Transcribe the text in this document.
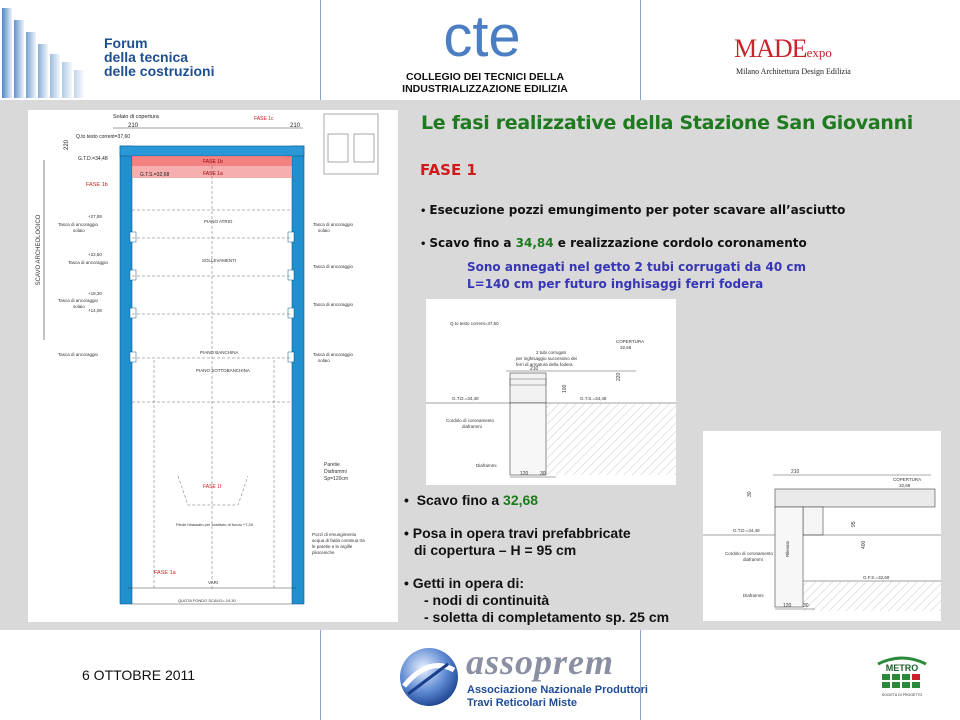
Forum
della tecnica
delle costruzioni
cte
COLLEGIO DEI TECNICI DELLA
INDUSTRIALIZZAZIONE EDILIZIA
MADEexpo
Milano Architettura Design Edilizia
SCAVO ARCHEOLOGICO
210	210
Solaio di copertura	FASE 1c
Q.to testo corrent=37,60
220
FASE 1b
FASE 1a
FASE 1b
G.T.D.=34,48
G.T.S.=32,68
PIANO ATRIO
SOLLEVAMENTI
PIANO BANCHINA
PIANO SOTTOBANCHINA
Tasca di ancoraggio
Tasca di ancoraggio
Tasca di ancoraggio
Tasca di ancoraggio
Tasca di ancoraggio
Tasca di ancoraggio
Tasca di ancoraggio
Tasca di ancoraggio
solaio	solaio
solaio
solaio
+27,88
+22,50
+18,30
+14,08
FASE 1f
Piede ribassato per sostituto di fondo +7,00
FASE 1a
VARI
QUOTA FONDO SCAVO=-19,30
Paretie
Diaframmi
Sp=120cm
Pozzi di emungimento
acqua di falda continua tra
le paretie e le argille
plioceniche
Le fasi realizzative della Stazione San Giovanni
FASE 1
• Esecuzione pozzi emungimento per poter scavare all’asciutto
• Scavo fino a 34,84 e realizzazione cordolo coronamento
Sono annegati nel getto 2 tubi corrugati da 40 cm
L=140 cm per futuro inghisaggi ferri fodera
Q.to testo corrent=37,60
2 tubi corrugati
per inghisaggio successivo dei
ferri di armatura della fodera
COPERTURA
32,68
210
220
100
G.T.D.=34,48	G.T.S.=34,48
Cordolo di coronamento
diaframmi
Diaframmi
120 30	210
COPERTURA
32,68
30
95
400
G.T.D.=34,48
Cordolo di coronamento
diaframmi
Rilevato
G.F.S.=32,68
Diaframmi
120 30
•  Scavo fino a 32,68
• Posa in opera travi prefabbricate
di copertura – H = 95 cm
• Getti in opera di:
- nodi di continuità
- soletta di completamento sp. 25 cm
6 OTTOBRE 2011	assoprem
Associazione Nazionale Produttori
Travi Reticolari Miste
METRO
SOCIETÀ DI PROGETTO
